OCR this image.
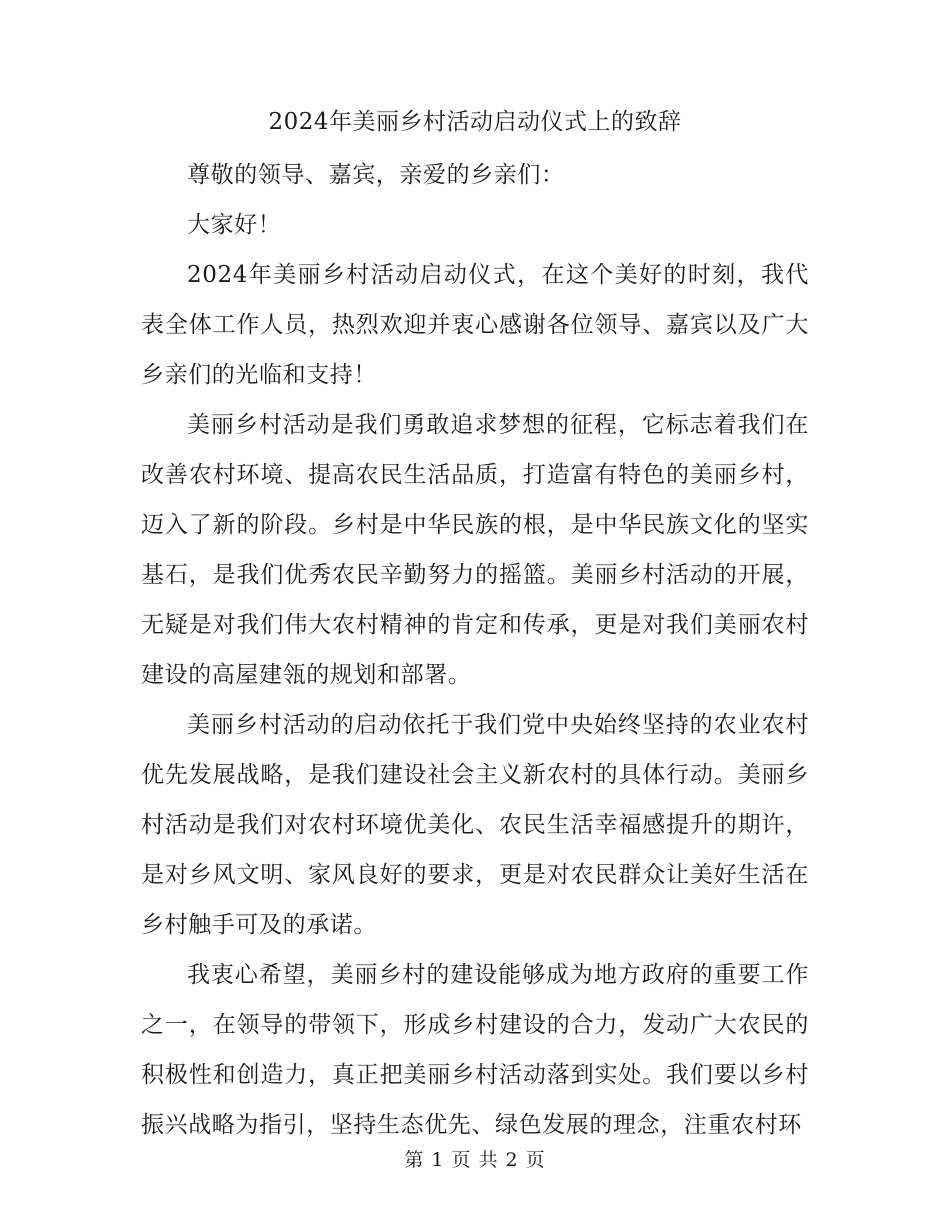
2024年美丽乡村活动启动仪式上的致辞

尊敬的领导、嘉宾，亲爱的乡亲们：

大家好！

2024年美丽乡村活动启动仪式，在这个美好的时刻，我代表全体工作人员，热烈欢迎并衷心感谢各位领导、嘉宾以及广大乡亲们的光临和支持！

美丽乡村活动是我们勇敢追求梦想的征程，它标志着我们在改善农村环境、提高农民生活品质，打造富有特色的美丽乡村，迈入了新的阶段。乡村是中华民族的根，是中华民族文化的坚实基石，是我们优秀农民辛勤努力的摇篮。美丽乡村活动的开展，无疑是对我们伟大农村精神的肯定和传承，更是对我们美丽农村建设的高屋建瓴的规划和部署。

美丽乡村活动的启动依托于我们党中央始终坚持的农业农村优先发展战略，是我们建设社会主义新农村的具体行动。美丽乡村活动是我们对农村环境优美化、农民生活幸福感提升的期许，是对乡风文明、家风良好的要求，更是对农民群众让美好生活在乡村触手可及的承诺。

我衷心希望，美丽乡村的建设能够成为地方政府的重要工作之一，在领导的带领下，形成乡村建设的合力，发动广大农民的积极性和创造力，真正把美丽乡村活动落到实处。我们要以乡村振兴战略为指引，坚持生态优先、绿色发展的理念，注重农村环

第 1 页 共 2 页
